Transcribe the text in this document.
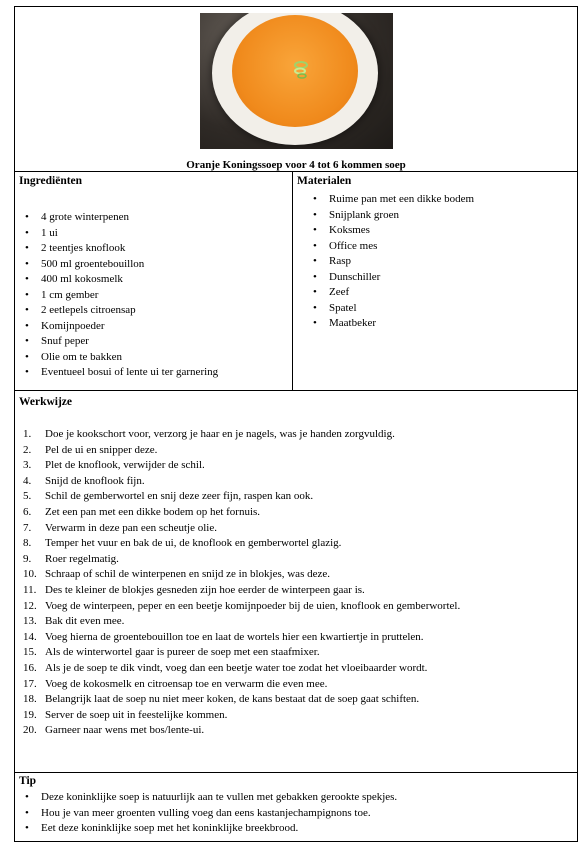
Oranje Koningssoep voor 4 tot 6 kommen soep
Ingrediënten
• 4 grote winterpenen
• 1 ui
• 2 teentjes knoflook
• 500 ml groentebouillon
• 400 ml kokosmelk
• 1 cm gember
• 2 eetlepels citroensap
• Komijnpoeder
• Snuf peper
• Olie om te bakken
• Eventueel bosui of lente ui ter garnering
Materialen
• Ruime pan met een dikke bodem
• Snijplank groen
• Koksmes
• Office mes
• Rasp
• Dunschiller
• Zeef
• Spatel
• Maatbeker
Werkwijze
1. Doe je kookschort voor, verzorg je haar en je nagels, was je handen zorgvuldig.
2. Pel de ui en snipper deze.
3. Plet de knoflook, verwijder de schil.
4. Snijd de knoflook fijn.
5. Schil de gemberwortel en snij deze zeer fijn, raspen kan ook.
6. Zet een pan met een dikke bodem op het fornuis.
7. Verwarm in deze pan een scheutje olie.
8. Temper het vuur en bak de ui, de knoflook en gemberwortel glazig.
9. Roer regelmatig.
10. Schraap of schil de winterpenen en snijd ze in blokjes, was deze.
11. Des te kleiner de blokjes gesneden zijn hoe eerder de winterpeen gaar is.
12. Voeg de winterpeen, peper en een beetje komijnpoeder bij de uien, knoflook en gemberwortel.
13. Bak dit even mee.
14. Voeg hierna de groentebouillon toe en laat de wortels hier een kwartiertje in pruttelen.
15. Als de winterwortel gaar is pureer de soep met een staafmixer.
16. Als je de soep te dik vindt, voeg dan een beetje water toe zodat het vloeibaarder wordt.
17. Voeg de kokosmelk en citroensap toe en verwarm die even mee.
18. Belangrijk laat de soep nu niet meer koken, de kans bestaat dat de soep gaat schiften.
19. Server de soep uit in feestelijke kommen.
20. Garneer naar wens met bos/lente-ui.
Tip
• Deze koninklijke soep is natuurlijk aan te vullen met gebakken gerookte spekjes.
• Hou je van meer groenten vulling voeg dan eens kastanjechampignons toe.
• Eet deze koninklijke soep met het koninklijke breekbrood.
